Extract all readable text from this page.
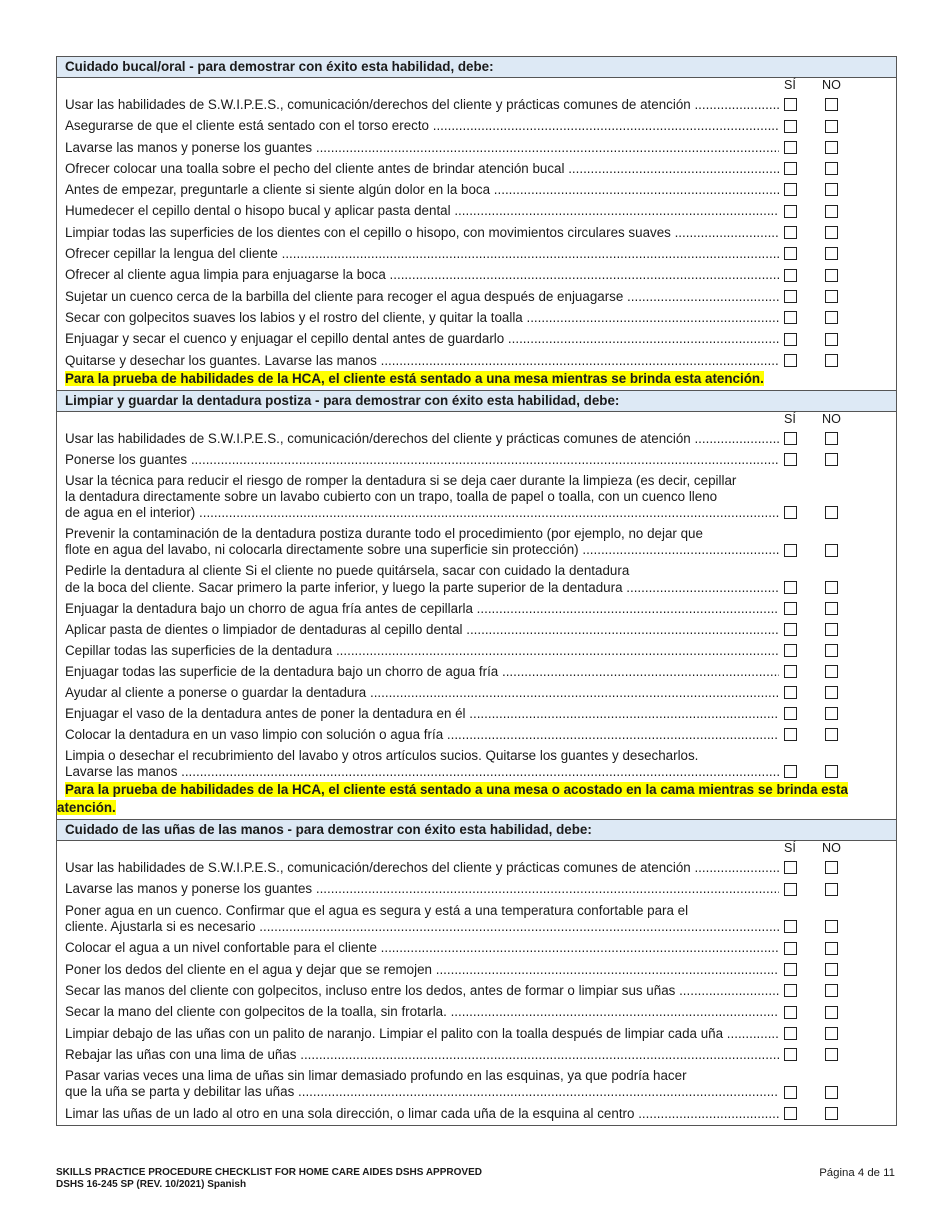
Cuidado bucal/oral - para demostrar con éxito esta habilidad, debe:
SÍ NO
Usar las habilidades de S.W.I.P.E.S., comunicación/derechos del cliente y prácticas comunes de atención .....
Asegurarse de que el cliente está sentado con el torso erecto .....
Lavarse las manos y ponerse los guantes .....
Ofrecer colocar una toalla sobre el pecho del cliente antes de brindar atención bucal .....
Antes de empezar, preguntarle a cliente si siente algún dolor en la boca .....
Humedecer el cepillo dental o hisopo bucal y aplicar pasta dental .....
Limpiar todas las superficies de los dientes con el cepillo o hisopo, con movimientos circulares suaves .....
Ofrecer cepillar la lengua del cliente .....
Ofrecer al cliente agua limpia para enjuagarse la boca .....
Sujetar un cuenco cerca de la barbilla del cliente para recoger el agua después de enjuagarse .....
Secar con golpecitos suaves los labios y el rostro del cliente, y quitar la toalla .....
Enjuagar y secar el cuenco y enjuagar el cepillo dental antes de guardarlo .....
Quitarse y desechar los guantes. Lavarse las manos .....
Para la prueba de habilidades de la HCA, el cliente está sentado a una mesa mientras se brinda esta atención.
Limpiar y guardar la dentadura postiza - para demostrar con éxito esta habilidad, debe:
SÍ NO
Usar las habilidades de S.W.I.P.E.S., comunicación/derechos del cliente y prácticas comunes de atención .....
Ponerse los guantes .....
Usar la técnica para reducir el riesgo de romper la dentadura si se deja caer durante la limpieza (es decir, cepillar
la dentadura directamente sobre un lavabo cubierto con un trapo, toalla de papel o toalla, con un cuenco lleno
de agua en el interior) .....
Prevenir la contaminación de la dentadura postiza durante todo el procedimiento (por ejemplo, no dejar que
flote en agua del lavabo, ni colocarla directamente sobre una superficie sin protección) .....
Pedirle la dentadura al cliente Si el cliente no puede quitársela, sacar con cuidado la dentadura
de la boca del cliente. Sacar primero la parte inferior, y luego la parte superior de la dentadura .....
Enjuagar la dentadura bajo un chorro de agua fría antes de cepillarla .....
Aplicar pasta de dientes o limpiador de dentaduras al cepillo dental .....
Cepillar todas las superficies de la dentadura .....
Enjuagar todas las superficie de la dentadura bajo un chorro de agua fría .....
Ayudar al cliente a ponerse o guardar la dentadura .....
Enjuagar el vaso de la dentadura antes de poner la dentadura en él .....
Colocar la dentadura en un vaso limpio con solución o agua fría .....
Limpia o desechar el recubrimiento del lavabo y otros artículos sucios. Quitarse los guantes y desecharlos.
Lavarse las manos .....
Para la prueba de habilidades de la HCA, el cliente está sentado a una mesa o acostado en la cama mientras se brinda esta atención.
Cuidado de las uñas de las manos - para demostrar con éxito esta habilidad, debe:
SÍ NO
Usar las habilidades de S.W.I.P.E.S., comunicación/derechos del cliente y prácticas comunes de atención .....
Lavarse las manos y ponerse los guantes .....
Poner agua en un cuenco. Confirmar que el agua es segura y está a una temperatura confortable para el
cliente. Ajustarla si es necesario .....
Colocar el agua a un nivel confortable para el cliente .....
Poner los dedos del cliente en el agua y dejar que se remojen .....
Secar las manos del cliente con golpecitos, incluso entre los dedos, antes de formar o limpiar sus uñas .....
Secar la mano del cliente con golpecitos de la toalla, sin frotarla. .....
Limpiar debajo de las uñas con un palito de naranjo. Limpiar el palito con la toalla después de limpiar cada uña .....
Rebajar las uñas con una lima de uñas .....
Pasar varias veces una lima de uñas sin limar demasiado profundo en las esquinas, ya que podría hacer
que la uña se parta y debilitar las uñas .....
Limar las uñas de un lado al otro en una sola dirección, o limar cada uña de la esquina al centro .....
SKILLS PRACTICE PROCEDURE CHECKLIST FOR HOME CARE AIDES DSHS APPROVED
DSHS 16-245 SP (REV. 10/2021) Spanish
Página 4 de 11
